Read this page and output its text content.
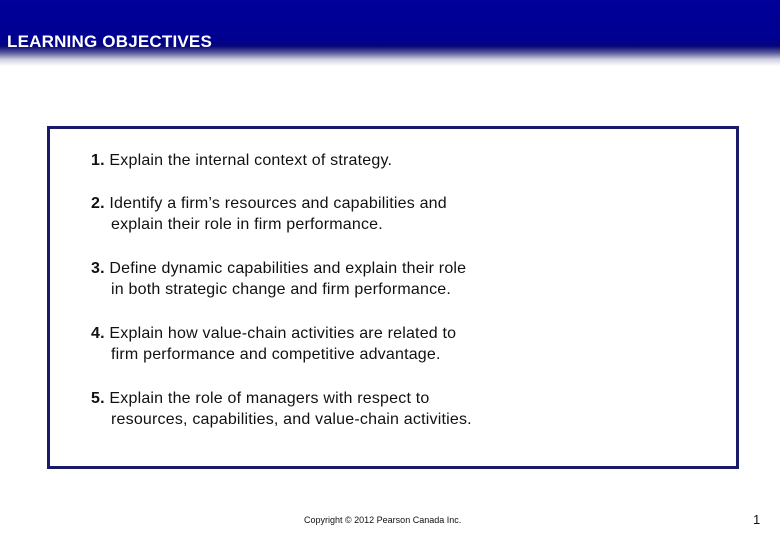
LEARNING OBJECTIVES
1. Explain the internal context of strategy.
2. Identify a firm’s resources and capabilities and
explain their role in firm performance.
3. Define dynamic capabilities and explain their role
in both strategic change and firm performance.
4. Explain how value‑chain activities are related to
firm performance and competitive advantage.
5. Explain the role of managers with respect to
resources, capabilities, and value‑chain activities.
Copyright © 2012 Pearson Canada Inc.	1
